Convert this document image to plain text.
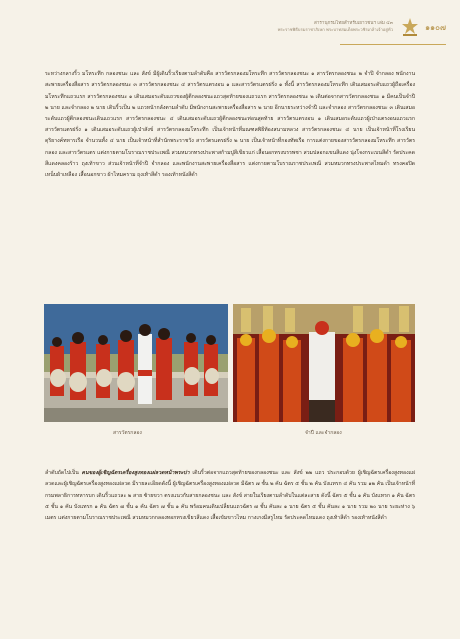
สารานุกรมไทยสำหรับเยาวชนฯ เล่ม ๔๓
พระราชพิธีบรมราชาภิเษก พระบาทสมเด็จพระวชิรเกล้าเจ้าอยู่หัว	๑๑๐๗

ระหว่างกลางริ้ว มโหระทึก กลองชนะ และ สังข์ มีผู้เดินริ้วเรียงตามลำดับคือ สารวัตรกลองมโหระทึก สารวัตรกลองชนะ ๑ สารวัตรกลองชนะ ๒ จำปี จำกลอง พนักงานสะพายเครื่องสื่อสาร สารวัตรกลองชนะ ๓ สารวัตรกลองชนะ ๔ สารวัตรแตรงอน ๑ และสารวัตรแตรฝรั่ง ๑ ทั้งนี้ สารวัตรกลองมโหระทึก เดินเสมอระดับแถวผู้ถือเครื่องมโหระทึกแถวแรก สารวัตรกลองชนะ ๑ เดินเสมอระดับแถวของผู้ตีกลองชนะแถวสุดท้ายของแถวแรก สารวัตรกลองชนะ ๒ เดินต่อจากสารวัตรกลองชนะ ๑ มีคนเป็นจำปี ๒ นาย และจำกลอง ๒ นาย เดินริ้วเป็น ๒ แถวหน้ากลังตามลำดับ มีพนักงานสะพายเครื่องสื่อสาร ๒ นาย อีกนายระหว่างจำปี และจำกลอง สารวัตรกลองชนะ ๓ เดินเสมอระดับแถวผู้ตีกลองชนะเดินแถวแรก สารวัตรกลองชนะ ๔ เดินเสมอระดับแถวผู้ตีกลองชนะท่อนสุดท้าย สารวัตรแตรงอน ๑ เดินเสมอระดับแถวผู้เป่าแตรงอนแถวแรก สารวัตรแตรฝรั่ง ๑ เดินเสมอระดับแถวผู้เป่าสังข์ สารวัตรกลองมโหระทึก เป็นเจ้าหน้าที่มณฑลพิธีท้องสนามหลวง สารวัตรกลองชนะ ๔ นาย เป็นเจ้าหน้าที่โรงเรียนดุริยางค์ทหารเรือ จำนวนทั้ง ๔ นาย เป็นเจ้าหน้าที่สำนักพระราชวัง สารวัตรแตรฝรั่ง ๒ นาย เป็นเจ้าหน้าที่กองทัพเรือ การแต่งกายของสารวัตรกลองมโหระทึก สารวัตรกลอง และสารวัตรแตร แต่งกายตามโบราณราชประเพณี สวมหมวกทรงประพาสก้ามปูสีเขียวแก่ เสื้อนอกทรงบรรพชา สวมปลอกแขนสีแดง นุ่งโจงกระเบนสีดำ รัดประคดสีแดงคลองร้าว ถุงเท้าขาว ส่วนเจ้าหน้าที่จำปี จำกลอง และพนักงานสะพายเครื่องสื่อสาร แต่งกายตามโบราณราชประเพณี สวมหมวกทรงประพาสไหมดำ ทรงคอปิดเหน็บผ้าเหลือง เสื้อนอกขาว ผ้าไหมคราม ถุงเท้าสีดำ รองเท้าหนังสีดำ

สารวัตรกลอง	จำปี และจำกลอง

ลำดับถัดไปเป็น คนของผู้เชิญฉัตรเครื่องสูงทองแผ่ลวดหน้าพระบ่า เดินริ้วต่อจากแถวสุดท้ายของกลองชนะ และ สังข์ ๒๒ แถว ประกอบด้วย ผู้เชิญฉัตรเครื่องสูงทองแผ่ลวดและผู้เชิญฉัตรเครื่องสูงทองแผ่ลวด มีรายละเอียดดังนี้ ผู้เชิญฉัตรเครื่องสูงทองแผ่ลวด มีฉัตร ๗ ชั้น ๒ คัน ฉัตร ๕ ชั้น ๒ คัน บังแทรก ๔ คัน รวม ๑๒ คัน เป็นเจ้าหน้าที่กรมพลาธิการทหารบก เดินริ้วแถวละ ๒ สาย ซ้ายขวา ตรงแนวกับสายกลองชนะ และ สังข์ สายในเรียงตามลำดับในแต่ละสาย ดังนี้ ฉัตร ๕ ชั้น ๑ คัน บังแทรก ๑ คัน ฉัตร ๕ ชั้น ๑ คัน บังแทรก ๑ คัน ฉัตร ๗ ชั้น ๑ คัน ฉัตร ๗ ชั้น ๑ คัน พร้อมคนเดินเปลี่ยนแถวฉัตร ๗ ชั้น คันละ ๑ นาย ฉัตร ๕ ชั้น คันละ ๑ นาย รวม ๒๐ นาย ระยะห่าง ๖ เมตร แต่งกายตามโบราณราชประเพณี สวมหมวกกลองทอกทรงเขียวสีแดง เสื้อเข้มขาวไหม กางเกงมีสรูไหม รัดประคดไหมแดง ถุงเท้าสีดำ รองเท้าหนังสีดำ
